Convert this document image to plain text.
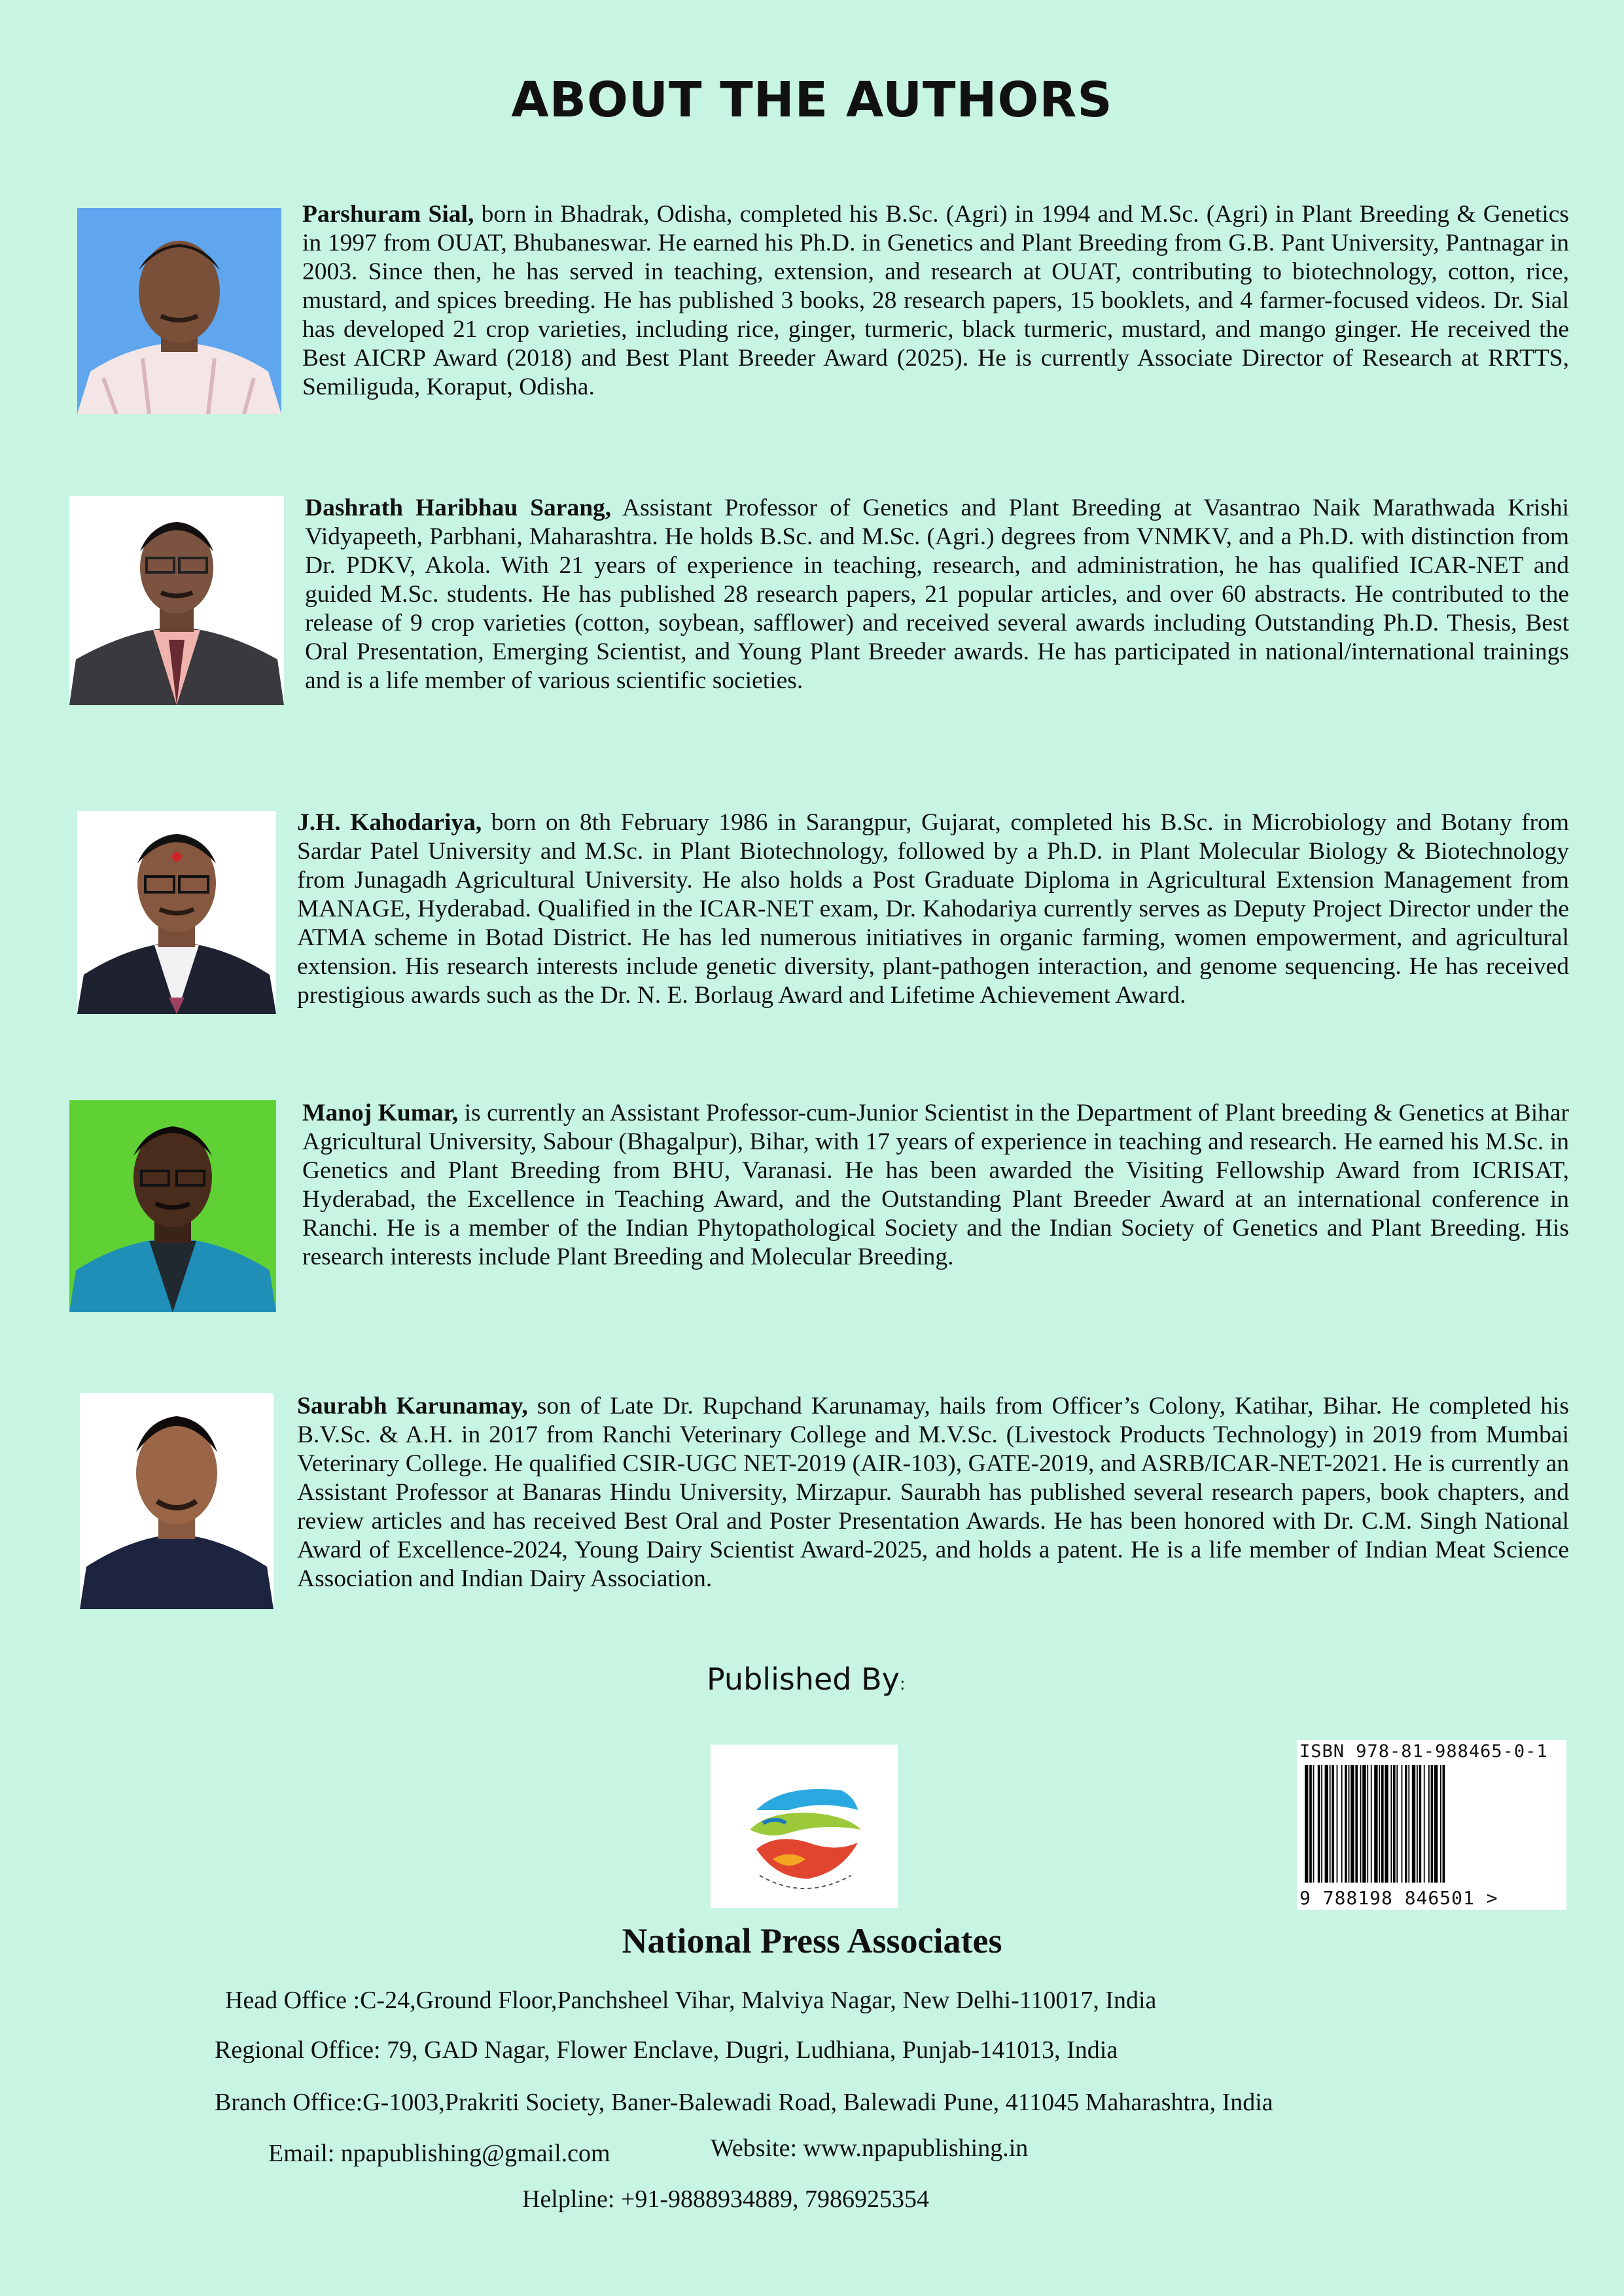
ABOUT THE AUTHORS
Parshuram Sial, born in Bhadrak, Odisha, completed his B.Sc. (Agri) in 1994 and M.Sc. (Agri) in Plant Breeding & Genetics in 1997 from OUAT, Bhubaneswar. He earned his Ph.D. in Genetics and Plant Breeding from G.B. Pant University, Pantnagar in 2003. Since then, he has served in teaching, extension, and research at OUAT, contributing to biotechnology, cotton, rice, mustard, and spices breeding. He has published 3 books, 28 research papers, 15 booklets, and 4 farmer-focused videos. Dr. Sial has developed 21 crop varieties, including rice, ginger, turmeric, black turmeric, mustard, and mango ginger. He received the Best AICRP Award (2018) and Best Plant Breeder Award (2025). He is currently Associate Director of Research at RRTTS, Semiliguda, Koraput, Odisha.
Dashrath Haribhau Sarang, Assistant Professor of Genetics and Plant Breeding at Vasantrao Naik Marathwada Krishi Vidyapeeth, Parbhani, Maharashtra. He holds B.Sc. and M.Sc. (Agri.) degrees from VNMKV, and a Ph.D. with distinction from Dr. PDKV, Akola. With 21 years of experience in teaching, research, and administration, he has qualified ICAR-NET and guided M.Sc. students. He has published 28 research papers, 21 popular articles, and over 60 abstracts. He contributed to the release of 9 crop varieties (cotton, soybean, safflower) and received several awards including Outstanding Ph.D. Thesis, Best Oral Presentation, Emerging Scientist, and Young Plant Breeder awards. He has participated in national/international trainings and is a life member of various scientific societies.
J.H. Kahodariya, born on 8th February 1986 in Sarangpur, Gujarat, completed his B.Sc. in Microbiology and Botany from Sardar Patel University and M.Sc. in Plant Biotechnology, followed by a Ph.D. in Plant Molecular Biology & Biotechnology from Junagadh Agricultural University. He also holds a Post Graduate Diploma in Agricultural Extension Management from MANAGE, Hyderabad. Qualified in the ICAR-NET exam, Dr. Kahodariya currently serves as Deputy Project Director under the ATMA scheme in Botad District. He has led numerous initiatives in organic farming, women empowerment, and agricultural extension. His research interests include genetic diversity, plant-pathogen interaction, and genome sequencing. He has received prestigious awards such as the Dr. N. E. Borlaug Award and Lifetime Achievement Award.
Manoj Kumar, is currently an Assistant Professor-cum-Junior Scientist in the Department of Plant breeding & Genetics at Bihar Agricultural University, Sabour (Bhagalpur), Bihar, with 17 years of experience in teaching and research. He earned his M.Sc. in Genetics and Plant Breeding from BHU, Varanasi. He has been awarded the Visiting Fellowship Award from ICRISAT, Hyderabad, the Excellence in Teaching Award, and the Outstanding Plant Breeder Award at an international conference in Ranchi. He is a member of the Indian Phytopathological Society and the Indian Society of Genetics and Plant Breeding. His research interests include Plant Breeding and Molecular Breeding.
Saurabh Karunamay, son of Late Dr. Rupchand Karunamay, hails from Officer’s Colony, Katihar, Bihar. He completed his B.V.Sc. & A.H. in 2017 from Ranchi Veterinary College and M.V.Sc. (Livestock Products Technology) in 2019 from Mumbai Veterinary College. He qualified CSIR-UGC NET-2019 (AIR-103), GATE-2019, and ASRB/ICAR-NET-2021. He is currently an Assistant Professor at Banaras Hindu University, Mirzapur. Saurabh has published several research papers, book chapters, and review articles and has received Best Oral and Poster Presentation Awards. He has been honored with Dr. C.M. Singh National Award of Excellence-2024, Young Dairy Scientist Award-2025, and holds a patent. He is a life member of Indian Meat Science Association and Indian Dairy Association.
Published By:
ISBN 978-81-988465-0-1
9 788198 846501 >
National Press Associates
Head Office :C-24,Ground Floor,Panchsheel Vihar, Malviya Nagar, New Delhi-110017, India
Regional Office: 79, GAD Nagar, Flower Enclave, Dugri, Ludhiana, Punjab-141013, India
Branch Office:G-1003,Prakriti Society, Baner-Balewadi Road, Balewadi Pune, 411045 Maharashtra, India
Email: npapublishing@gmail.com	Website: www.npapublishing.in
Helpline: +91-9888934889, 7986925354
